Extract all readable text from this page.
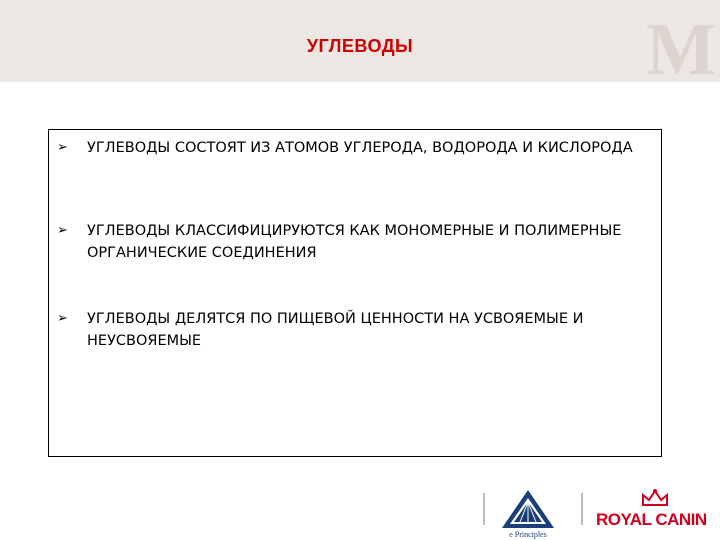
M
УГЛЕВОДЫ
➢	УГЛЕВОДЫ СОСТОЯТ ИЗ АТОМОВ УГЛЕРОДА, ВОДОРОДА И КИСЛОРОДА
➢	УГЛЕВОДЫ КЛАССИФИЦИРУЮТСЯ КАК МОНОМЕРНЫЕ И ПОЛИМЕРНЫЕ ОРГАНИЧЕСКИЕ СОЕДИНЕНИЯ
➢	УГЛЕВОДЫ ДЕЛЯТСЯ ПО ПИЩЕВОЙ ЦЕННОСТИ НА УСВОЯЕМЫЕ И НЕУСВОЯЕМЫЕ
e Principles
ROYAL CANIN
